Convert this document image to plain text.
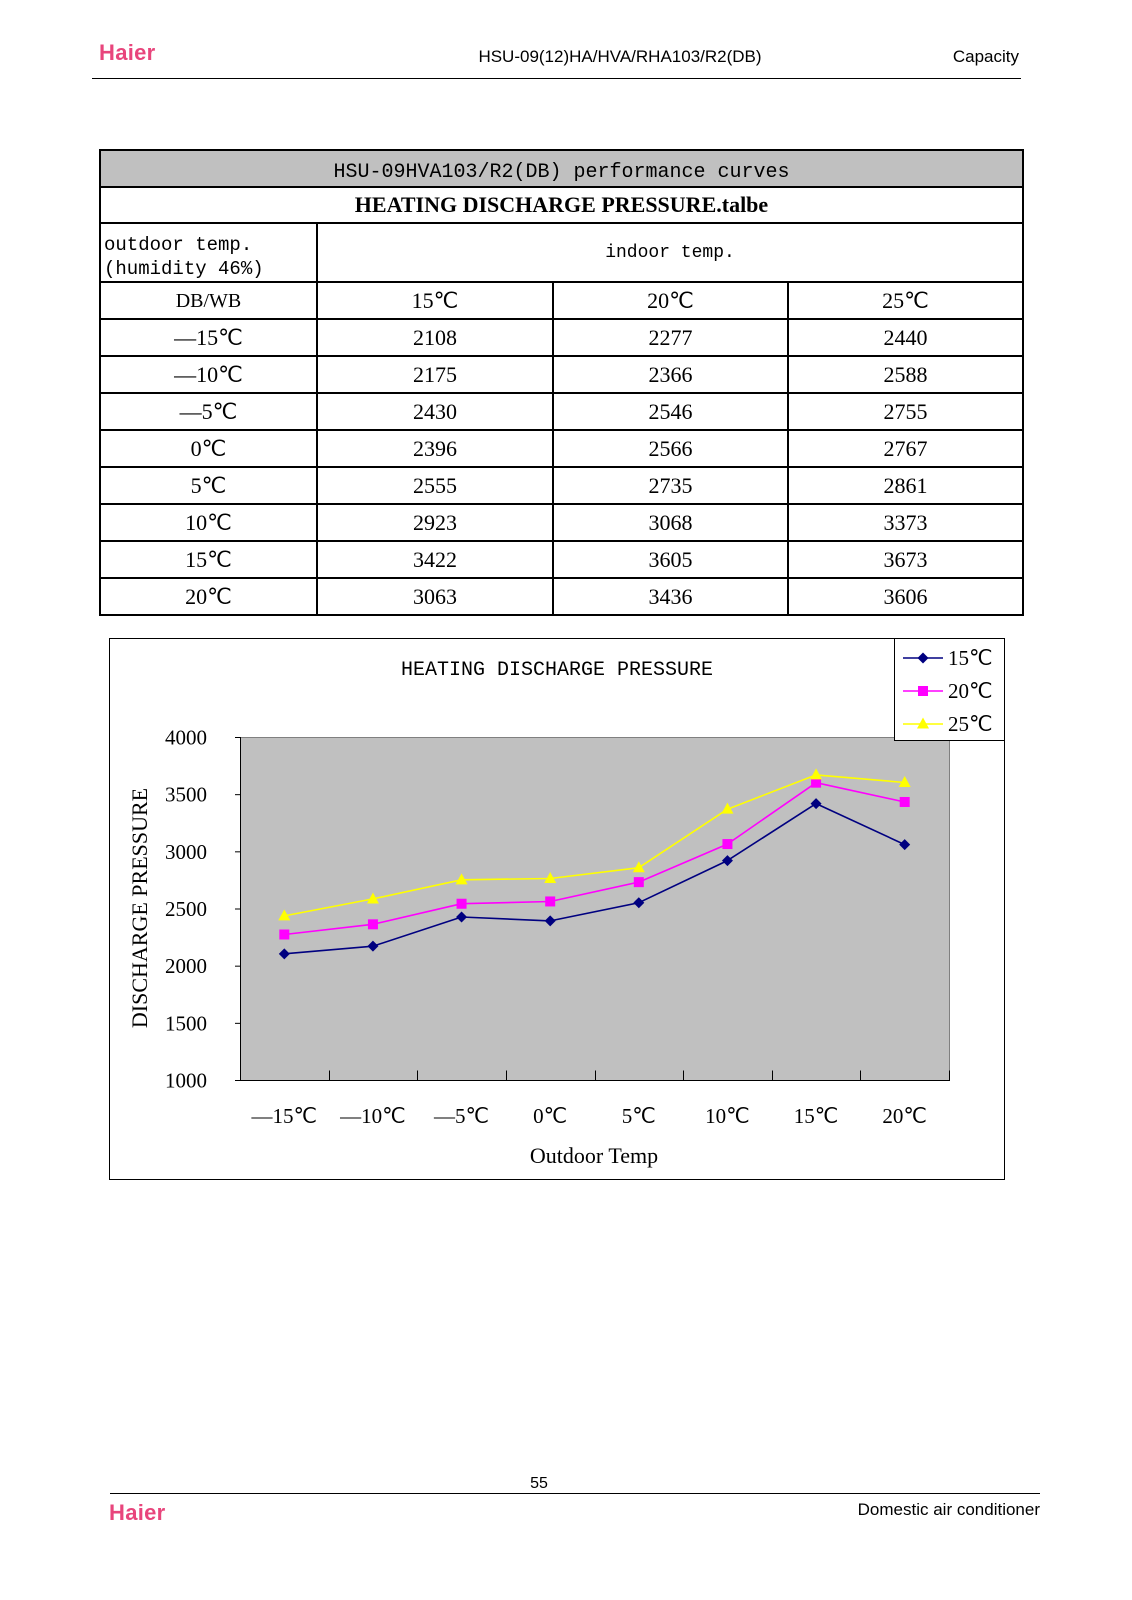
Haier	HSU-09(12)HA/HVA/RHA103/R2(DB)	Capacity
HSU-09HVA103/R2(DB) performance curves
HEATING DISCHARGE PRESSURE.talbe
outdoor temp.
(humidity 46%)
indoor temp.
DB/WB	15℃	20℃	25℃
—15℃	2108	2277	2440
—10℃	2175	2366	2588
—5℃	2430	2546	2755
0℃	2396	2566	2767
5℃	2555	2735	2861
10℃	2923	3068	3373
15℃	3422	3605	3673
20℃	3063	3436	3606
HEATING DISCHARGE PRESSURE
1000
1500
2000
2500
3000
3500
4000
—15℃ —10℃ —5℃ 0℃	5℃ 10℃ 15℃ 20℃
15℃
20℃
25℃
DISCHARGE PRESSURE
Outdoor Temp
55
Haier	Domestic air conditioner
